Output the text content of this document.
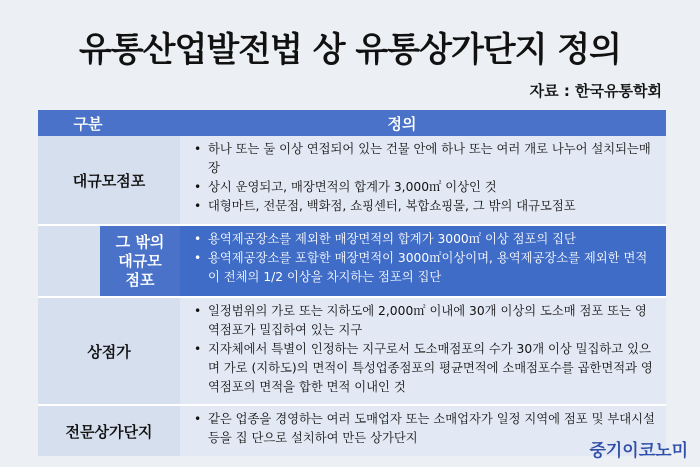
유통산업발전법 상 유통상가단지 정의
자료 : 한국유통학회
구분	정의
대규모점포
• 하나 또는 둘 이상 연접되어 있는 건물 안에 하나 또는 여러 개로 나누어 설치되는매장
• 상시 운영되고, 매장면적의 합계가 3,000㎡ 이상인 것
• 대형마트, 전문점, 백화점, 쇼핑센터, 복합쇼핑몰, 그 밖의 대규모점포
그 밖의
대규모
점포
• 용역제공장소를 제외한 매장면적의 합계가 3000㎡ 이상 점포의 집단
• 용역제공장소를 포함한 매장면적이 3000㎡이상이며, 용역제공장소를 제외한 면적이 전체의 1/2 이상을 차지하는 점포의 집단
상점가
• 일정범위의 가로 또는 지하도에 2,000㎡ 이내에 30개 이상의 도소매 점포 또는 영역점포가 밀집하여 있는 지구
• 지자체에서 특별이 인정하는 지구로서 도소매점포의 수가 30개 이상 밀집하고 있으며 가로 (지하도)의 면적이 특성업종점포의 평균면적에 소매점포수를 곱한면적과 영역점포의 면적을 합한 면적 이내인 것
전문상가단지
• 같은 업종을 경영하는 여러 도매업자 또는 소매업자가 일정 지역에 점포 및 부대시설 등을 집 단으로 설치하여 만든 상가단지
중기이코노미
